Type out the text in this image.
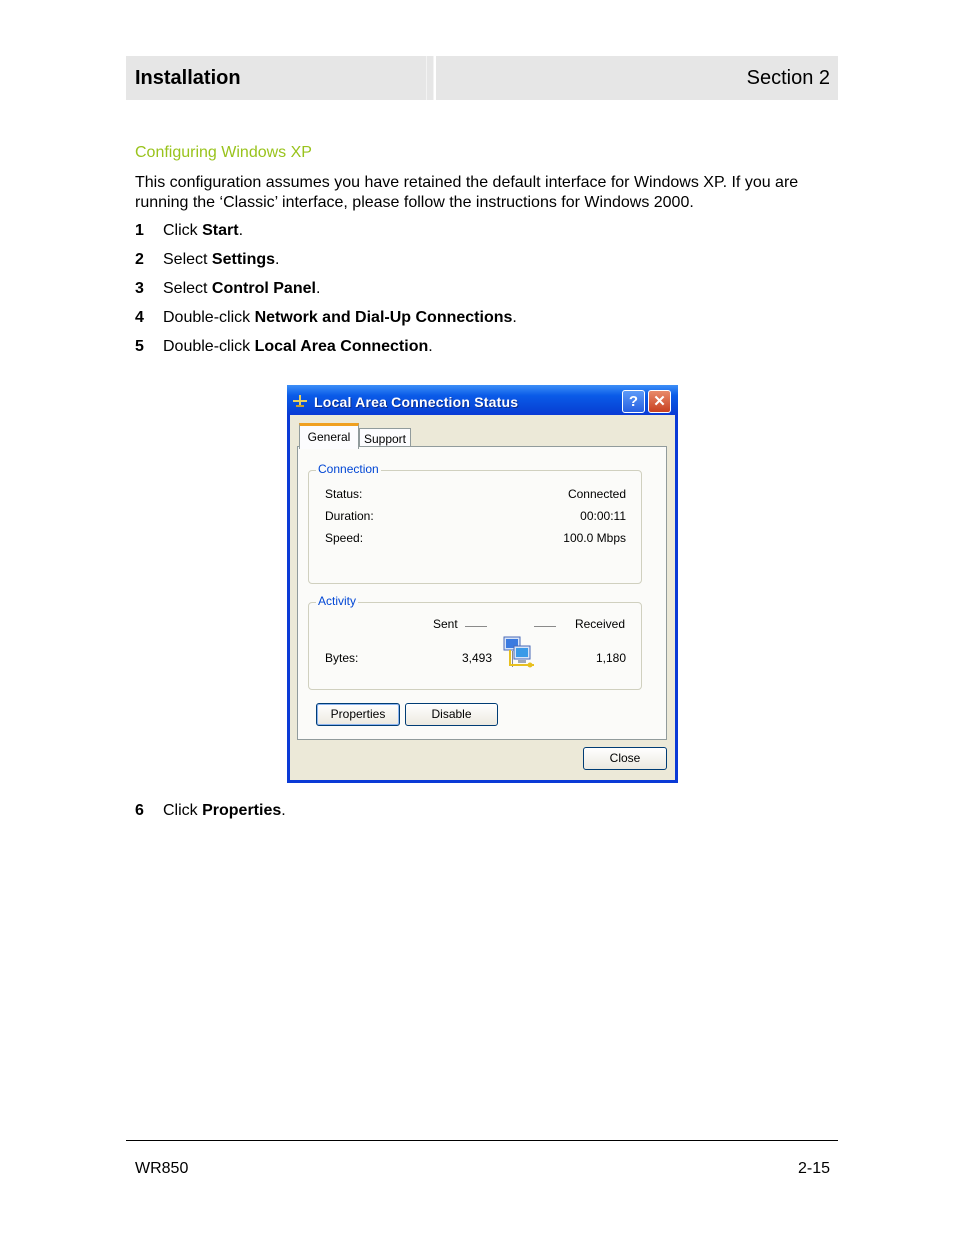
Installation	Section 2
Configuring Windows XP
This configuration assumes you have retained the default interface for Windows XP. If you are running the ‘Classic’ interface, please follow the instructions for Windows 2000.
1 Click Start.
2 Select Settings.
3 Select Control Panel.
4 Double-click Network and Dial-Up Connections.
5 Double-click Local Area Connection.
Local Area Connection Status	?	✕
General	Support
Connection
Status:	Connected
Duration:	00:00:11
Speed:	100.0 Mbps
Activity
Sent	Received
Bytes:	3,493	1,180
Properties	Disable
Close
6 Click Properties.
WR850	2-15
